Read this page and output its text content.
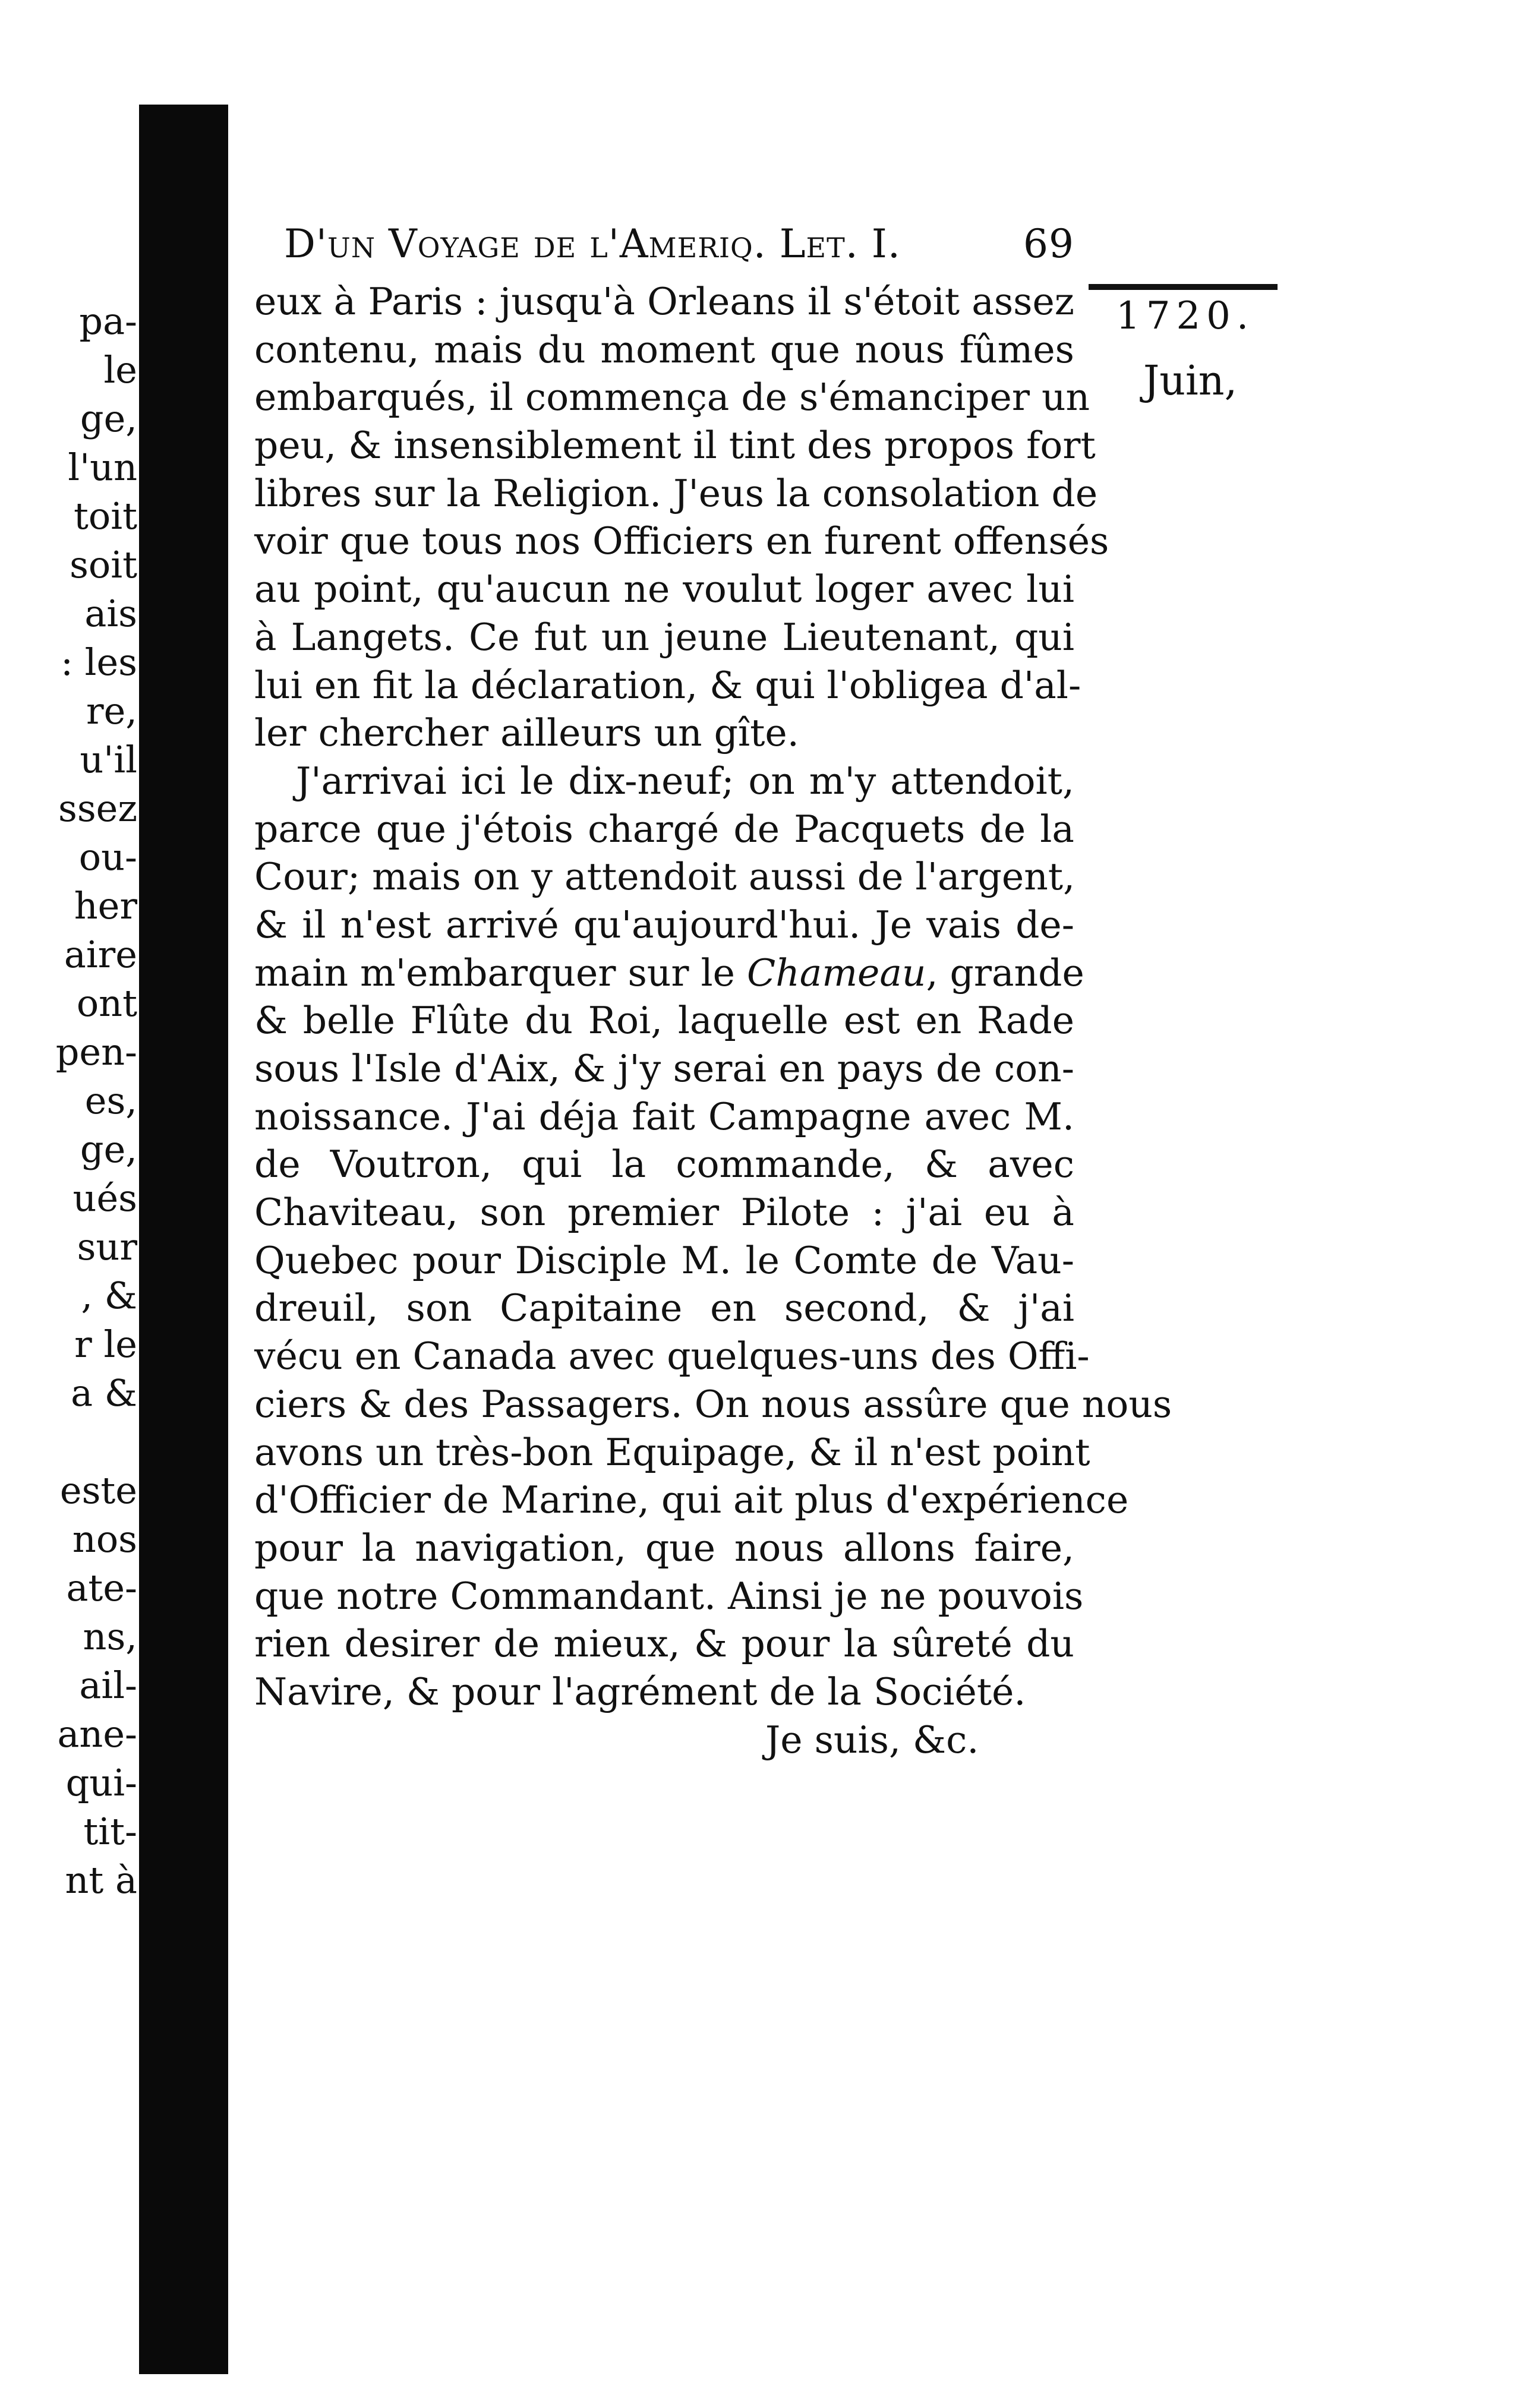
pa-
le
ge,
l'un
toit
soit
ais
: les
re,
u'il
ssez
ou-
her
aire
ont
pen-
es,
ge,
ués
sur
, &
r le
a &
este
nos
ate-
ns,
ail-
ane-
qui-
tit-
nt à
D'un Voyage de l'Ameriq. Let. I.	69
1720.
Juin,
eux à Paris : jusqu'à Orleans il s'étoit assez
contenu, mais du moment que nous fûmes
embarqués, il commença de s'émanciper un
peu, & insensiblement il tint des propos fort
libres sur la Religion. J'eus la consolation de
voir que tous nos Officiers en furent offensés
au point, qu'aucun ne voulut loger avec lui
à Langets. Ce fut un jeune Lieutenant, qui
lui en fit la déclaration, & qui l'obligea d'al-
ler chercher ailleurs un gîte.
J'arrivai ici le dix-neuf; on m'y attendoit,
parce que j'étois chargé de Pacquets de la
Cour; mais on y attendoit aussi de l'argent,
& il n'est arrivé qu'aujourd'hui. Je vais de-
main m'embarquer sur le Chameau, grande
& belle Flûte du Roi, laquelle est en Rade
sous l'Isle d'Aix, & j'y serai en pays de con-
noissance. J'ai déja fait Campagne avec M.
de Voutron, qui la commande, & avec
Chaviteau, son premier Pilote : j'ai eu à
Quebec pour Disciple M. le Comte de Vau-
dreuil, son Capitaine en second, & j'ai
vécu en Canada avec quelques-uns des Offi-
ciers & des Passagers. On nous assûre que nous
avons un très-bon Equipage, & il n'est point
d'Officier de Marine, qui ait plus d'expérience
pour la navigation, que nous allons faire,
que notre Commandant. Ainsi je ne pouvois
rien desirer de mieux, & pour la sûreté du
Navire, & pour l'agrément de la Société.
Je suis, &c.
